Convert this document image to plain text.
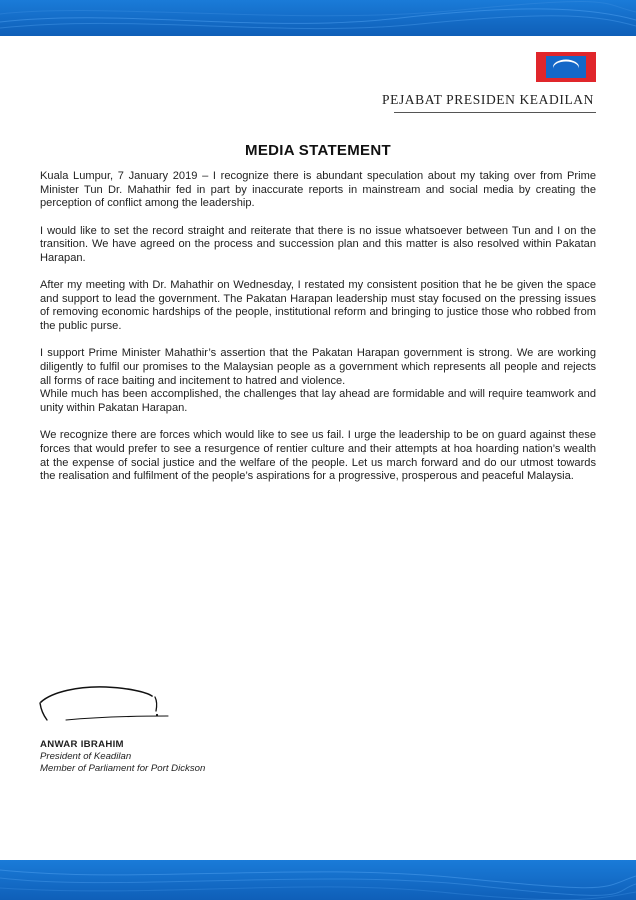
PEJABAT PRESIDEN KEADILAN
MEDIA STATEMENT

Kuala Lumpur, 7 January 2019 – I recognize there is abundant speculation about my taking over from Prime Minister Tun Dr. Mahathir fed in part by inaccurate reports in mainstream and social media by creating the perception of conflict among the leadership.

I would like to set the record straight and reiterate that there is no issue whatsoever between Tun and I on the transition. We have agreed on the process and succession plan and this matter is also resolved within Pakatan Harapan.

After my meeting with Dr. Mahathir on Wednesday, I restated my consistent position that he be given the space and support to lead the government. The Pakatan Harapan leadership must stay focused on the pressing issues of removing economic hardships of the people, institutional reform and bringing to justice those who robbed from the public purse.

I support Prime Minister Mahathir’s assertion that the Pakatan Harapan government is strong. We are working diligently to fulfil our promises to the Malaysian people as a government which represents all people and rejects all forms of race baiting and incitement to hatred and violence.

While much has been accomplished, the challenges that lay ahead are formidable and will require teamwork and unity within Pakatan Harapan.

We recognize there are forces which would like to see us fail. I urge the leadership to be on guard against these forces that would prefer to see a resurgence of rentier culture and their attempts at hoa hoarding nation’s wealth at the expense of social justice and the welfare of the people. Let us march forward and do our utmost towards the realisation and fulfilment of the people’s aspirations for a progressive, prosperous and peaceful Malaysia.

ANWAR IBRAHIM
President of Keadilan
Member of Parliament for Port Dickson
